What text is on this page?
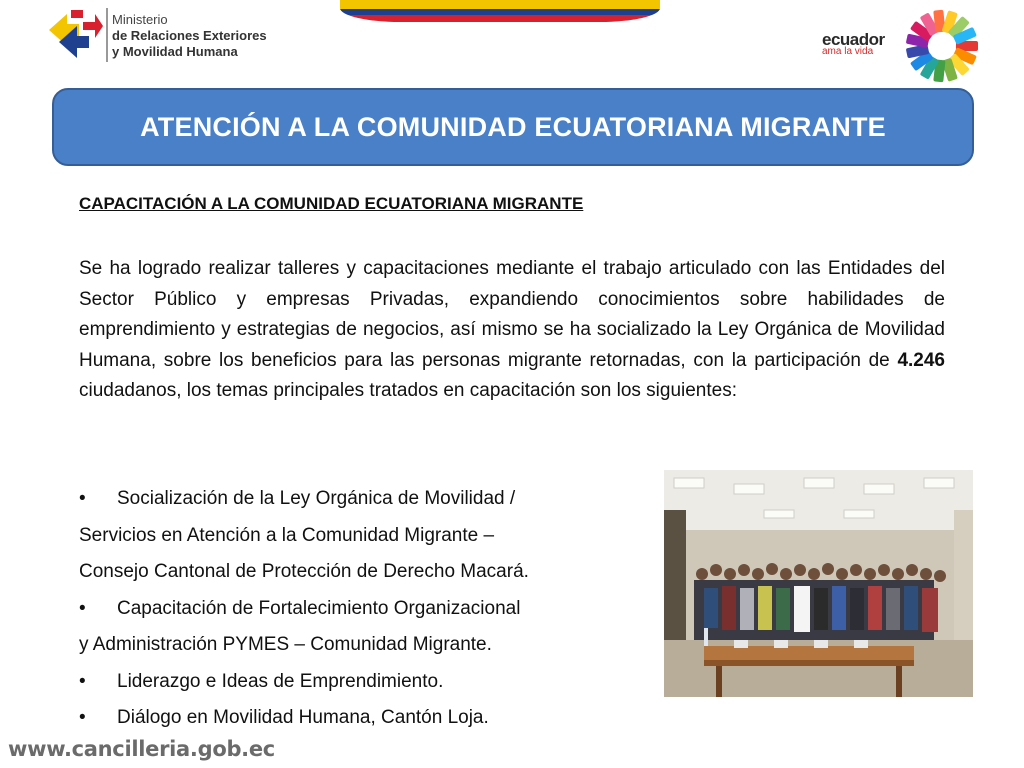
Ministerio
de Relaciones Exteriores
y Movilidad Humana
ecuador
ama la vida
ATENCIÓN A LA COMUNIDAD ECUATORIANA MIGRANTE
CAPACITACIÓN A LA COMUNIDAD ECUATORIANA MIGRANTE

Se ha logrado realizar talleres y capacitaciones mediante el trabajo articulado con las Entidades del Sector Público y empresas Privadas, expandiendo conocimientos sobre habilidades de emprendimiento y estrategias de negocios, así mismo se ha socializado la Ley Orgánica de Movilidad Humana, sobre los beneficios para las personas migrante retornadas, con la participación de 4.246 ciudadanos, los temas principales tratados en capacitación son los siguientes:

• Socialización de la Ley Orgánica de Movilidad /
Servicios en Atención a la Comunidad Migrante –
Consejo Cantonal de Protección de Derecho Macará.
• Capacitación de Fortalecimiento Organizacional
y Administración PYMES – Comunidad Migrante.
• Liderazgo e Ideas de Emprendimiento.
• Diálogo en Movilidad Humana, Cantón Loja.
www.cancilleria.gob.ec
